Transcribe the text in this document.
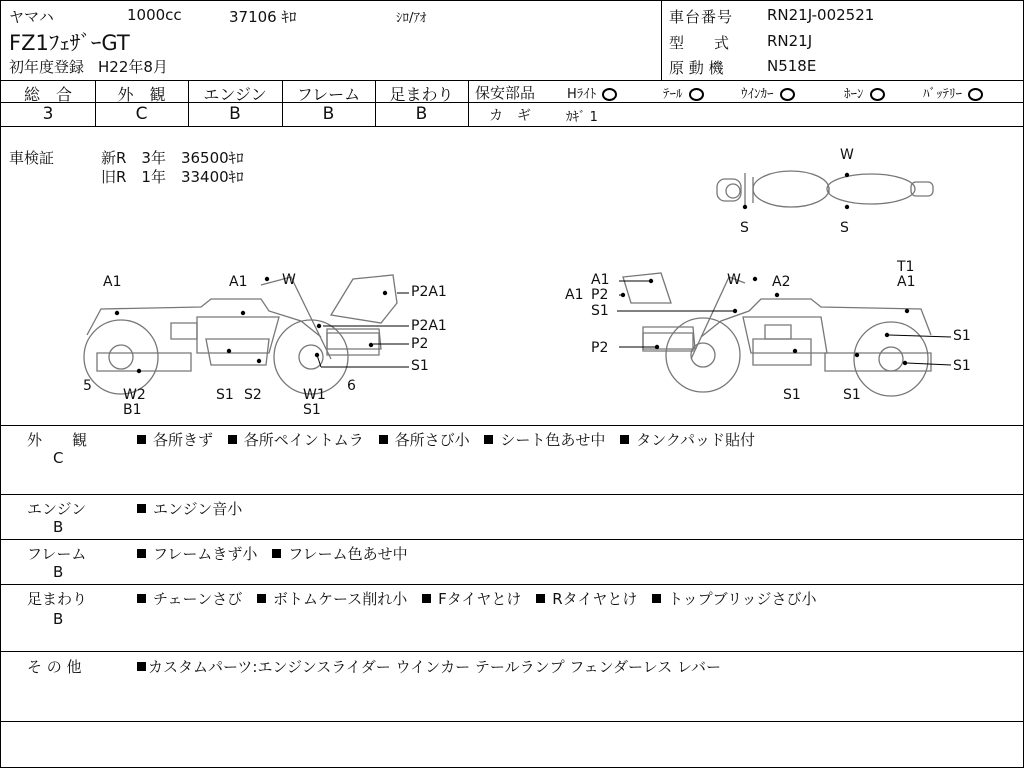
ヤマハ	1000cc	37106 ｷﾛ	ｼﾛ/ｱｵ
FZ1ﾌｪｻﾞｰGT
初年度登録 H22年8月
車台番号 RN21J-002521
型　　式	RN21J
原 動 機	N518E
総　合	外　観	エンジン	フレーム	足まわり
3	C	B	B	B
保安部品 Hﾗｲﾄ	ﾃｰﾙ	ｳｲﾝｶｰ	ﾎｰﾝ	ﾊﾞｯﾃﾘｰ
カ　ギ	ｶｷﾞ 1
車検証	新R　3年　36500ｷﾛ
旧R　1年　33400ｷﾛ
W
S	S
A1	A1 W
P2A1
P2A1
P2
S1
5
W2
B1
S1 S2	W1
S1
6
A1
A1 P2
S1
W A2
T1
A1
P2
S1
S1
S1	S1
外　　観
C
各所きず 各所ペイントムラ 各所さび小 シート色あせ中 タンクパッド貼付
エンジン
B
エンジン音小
フレーム
B
フレームきず小 フレーム色あせ中
足まわり
B
チェーンさび ボトムケース削れ小 Fタイヤとけ Rタイヤとけ トップブリッジさび小
そ の 他	カスタムパーツ:エンジンスライダー ウインカー テールランプ フェンダーレス レバー
